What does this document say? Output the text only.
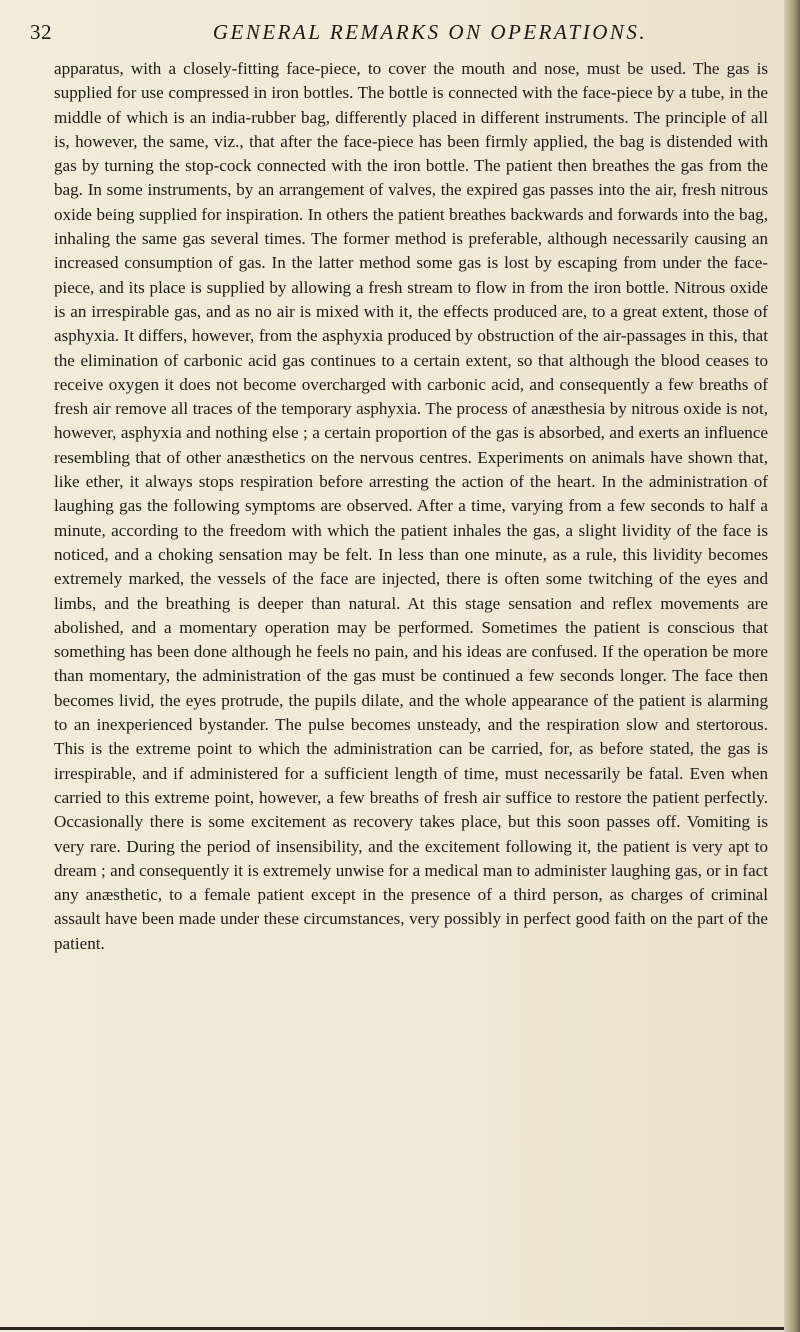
32	GENERAL REMARKS ON OPERATIONS.

apparatus, with a closely-fitting face-piece, to cover the mouth and nose, must be used. The gas is supplied for use compressed in iron bottles. The bottle is connected with the face-piece by a tube, in the middle of which is an india-rubber bag, differently placed in different instruments. The principle of all is, however, the same, viz., that after the face-piece has been firmly applied, the bag is distended with gas by turning the stop-cock connected with the iron bottle. The patient then breathes the gas from the bag. In some instruments, by an arrangement of valves, the expired gas passes into the air, fresh nitrous oxide being supplied for inspiration. In others the patient breathes backwards and forwards into the bag, inhaling the same gas several times. The former method is preferable, although necessarily causing an increased consumption of gas. In the latter method some gas is lost by escaping from under the face-piece, and its place is supplied by allowing a fresh stream to flow in from the iron bottle. Nitrous oxide is an irrespirable gas, and as no air is mixed with it, the effects produced are, to a great extent, those of asphyxia. It differs, however, from the asphyxia produced by obstruction of the air-passages in this, that the elimination of carbonic acid gas continues to a certain extent, so that although the blood ceases to receive oxygen it does not become overcharged with carbonic acid, and consequently a few breaths of fresh air remove all traces of the temporary asphyxia. The process of anæsthesia by nitrous oxide is not, however, asphyxia and nothing else ; a certain proportion of the gas is absorbed, and exerts an influence resembling that of other anæsthetics on the nervous centres. Experiments on animals have shown that, like ether, it always stops respiration before arresting the action of the heart. In the administration of laughing gas the following symptoms are observed. After a time, varying from a few seconds to half a minute, according to the freedom with which the patient inhales the gas, a slight lividity of the face is noticed, and a choking sensation may be felt. In less than one minute, as a rule, this lividity becomes extremely marked, the vessels of the face are injected, there is often some twitching of the eyes and limbs, and the breathing is deeper than natural. At this stage sensation and reflex movements are abolished, and a momentary operation may be performed. Sometimes the patient is conscious that something has been done although he feels no pain, and his ideas are confused. If the operation be more than momentary, the administration of the gas must be continued a few seconds longer. The face then becomes livid, the eyes protrude, the pupils dilate, and the whole appearance of the patient is alarming to an inexperienced bystander. The pulse becomes unsteady, and the respiration slow and stertorous. This is the extreme point to which the administration can be carried, for, as before stated, the gas is irrespirable, and if administered for a sufficient length of time, must necessarily be fatal. Even when carried to this extreme point, however, a few breaths of fresh air suffice to restore the patient perfectly. Occasionally there is some excitement as recovery takes place, but this soon passes off. Vomiting is very rare. During the period of insensibility, and the excitement following it, the patient is very apt to dream ; and consequently it is extremely unwise for a medical man to administer laughing gas, or in fact any anæsthetic, to a female patient except in the presence of a third person, as charges of criminal assault have been made under these circumstances, very possibly in perfect good faith on the part of the patient.
